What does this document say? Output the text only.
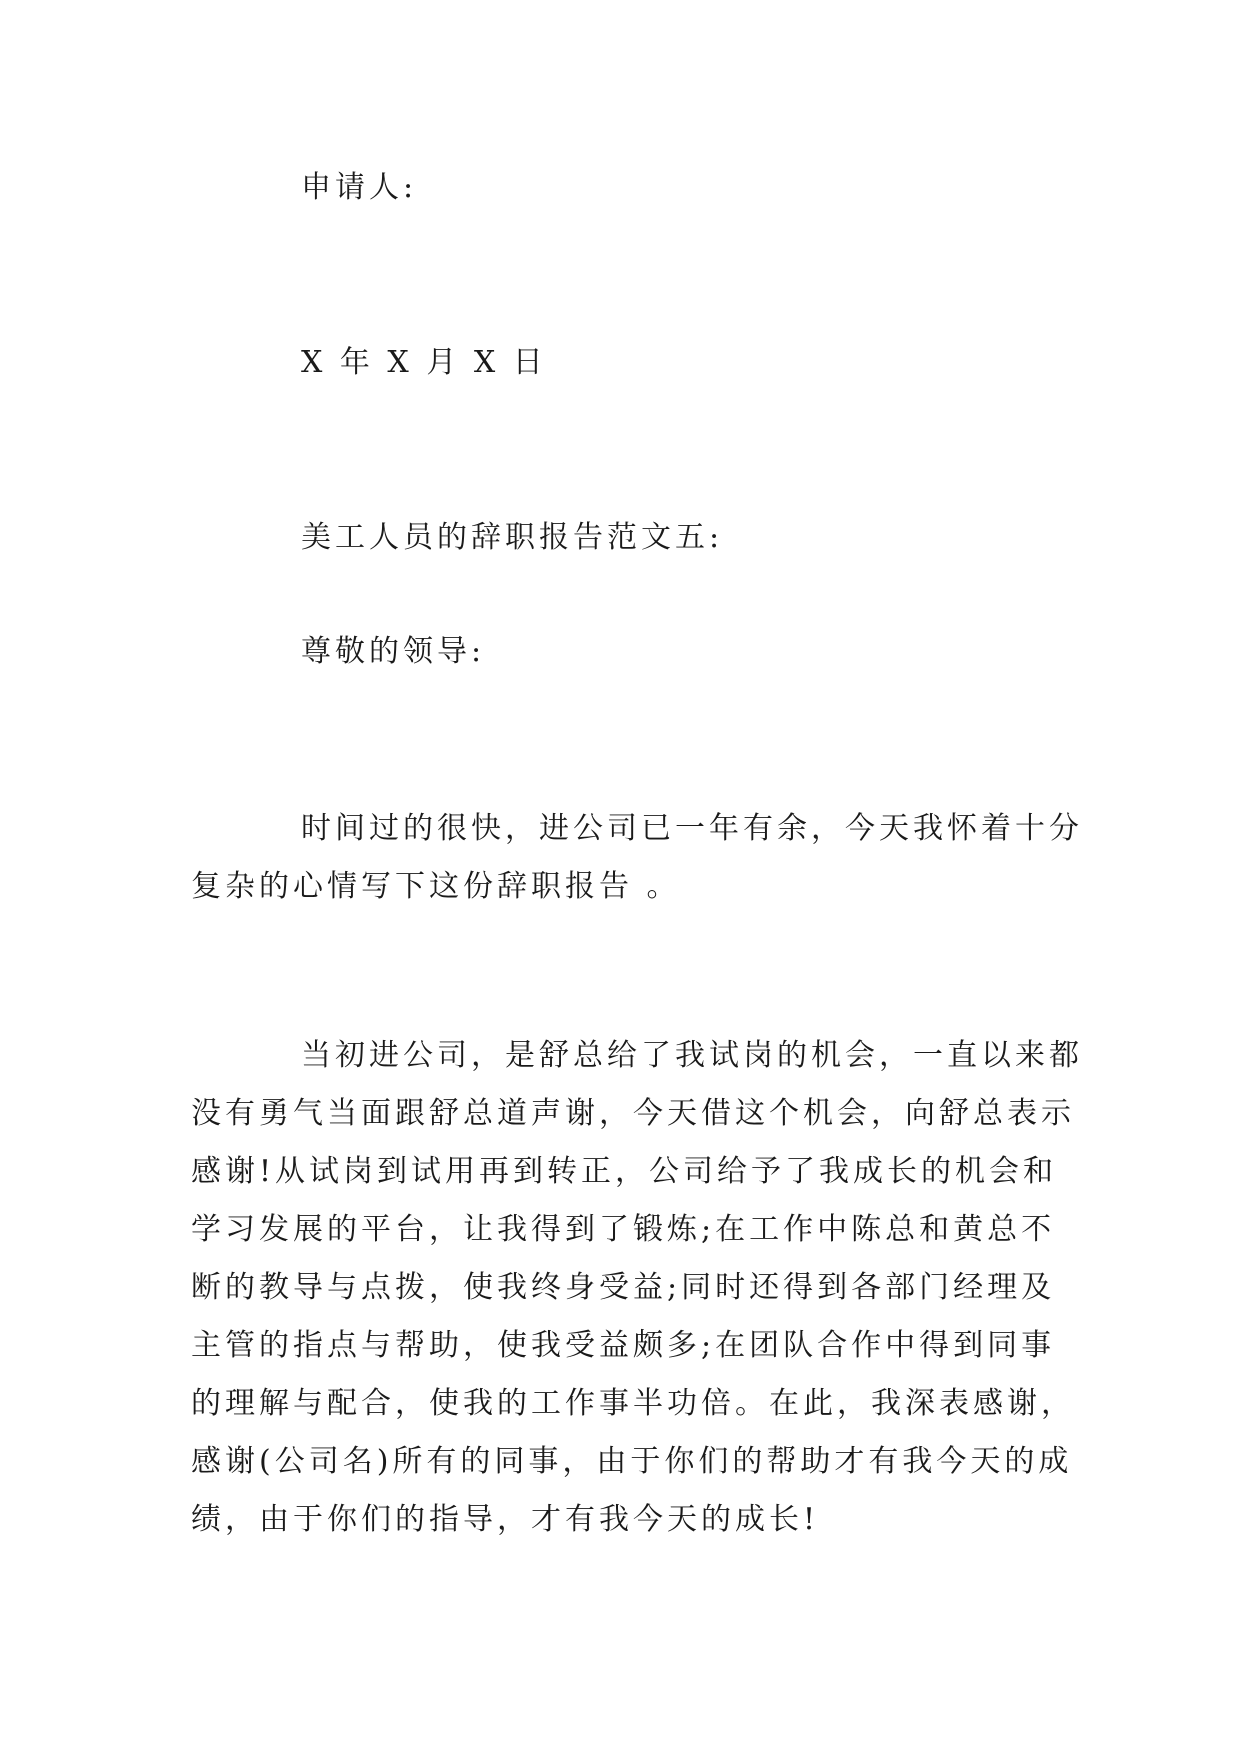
申请人:
X 年 X 月 X 日
美工人员的辞职报告范文五:
尊敬的领导:
时间过的很快，进公司已一年有余，今天我怀着十分
复杂的心情写下这份辞职报告 。
当初进公司，是舒总给了我试岗的机会，一直以来都
没有勇气当面跟舒总道声谢，今天借这个机会，向舒总表示
感谢!从试岗到试用再到转正，公司给予了我成长的机会和
学习发展的平台，让我得到了锻炼;在工作中陈总和黄总不
断的教导与点拨，使我终身受益;同时还得到各部门经理及
主管的指点与帮助，使我受益颇多;在团队合作中得到同事
的理解与配合，使我的工作事半功倍。在此，我深表感谢，
感谢(公司名)所有的同事，由于你们的帮助才有我今天的成
绩，由于你们的指导，才有我今天的成长!
